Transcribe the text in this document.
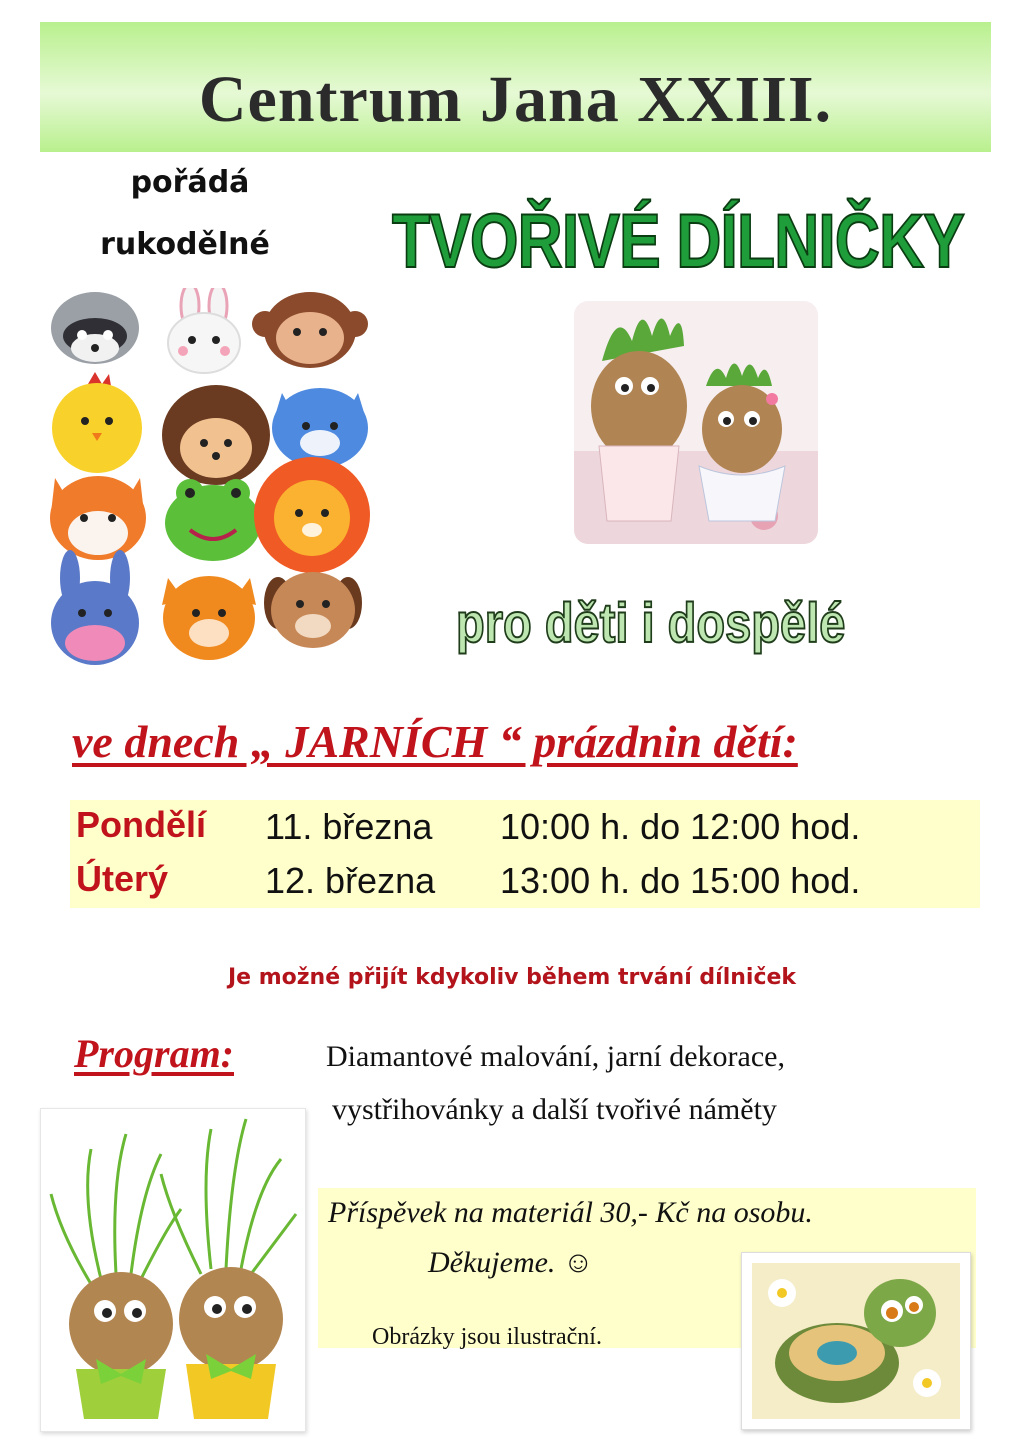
Centrum Jana XXIII.
pořádá
rukodělné	TVOŘIVÉ DÍLNIČKY
pro děti i dospělé
ve dnech „ JARNÍCH “ prázdnin dětí:
Pondělí 11. března 10:00 h. do 12:00 hod.
Úterý	12. března 13:00 h. do 15:00 hod.
Je možné přijít kdykoliv během trvání dílniček
Program:	Diamantové malování, jarní dekorace,
vystřihovánky a další tvořivé náměty
Příspěvek na materiál 30,- Kč na osobu.
Děkujeme. ☺
Obrázky jsou ilustrační.
